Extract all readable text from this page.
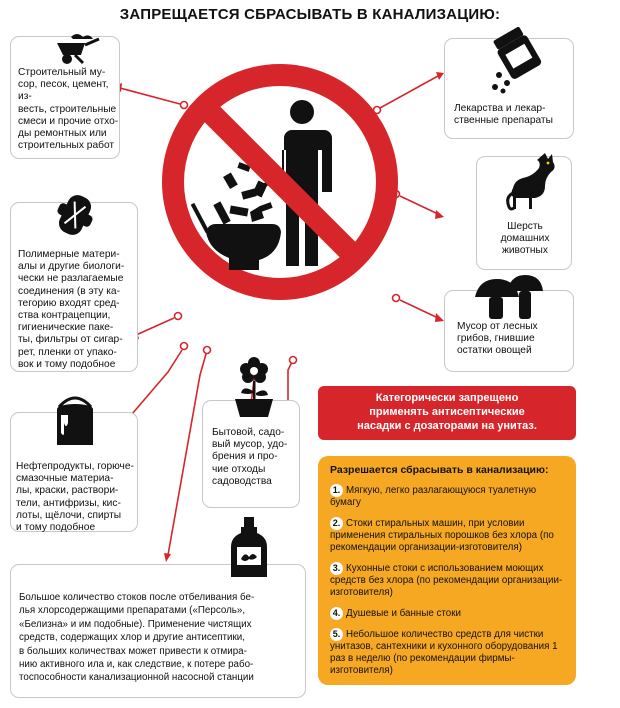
ЗАПРЕЩАЕТСЯ СБРАСЫВАТЬ В КАНАЛИЗАЦИЮ:
Строительный му-
сор, песок, цемент, из-
весть, строительные
смеси и прочие отхо-
ды ремонтных или
строительных работ
Лекарства и лекар-
ственные препараты
Полимерные матери-
алы и другие биологи-
чески не разлагаемые
соединения (в эту ка-
тегорию входят сред-
ства контрацепции,
гигиенические паке-
ты, фильтры от сигар-
рет, пленки от упако-
вок и тому подобное
Шерсть
домашних
животных
Мусор от лесных
грибов, гнившие
остатки овощей
Нефтепродукты, горюче-
смазочные материа-
лы, краски, раствори-
тели, антифризы, кис-
лоты, щёлочи, спирты
и тому подобное
Бытовой, садо-
вый мусор, удо-
брения и про-
чие отходы
садоводства
Большое количество стоков после отбеливания бе-
лья хлорсодержащими препаратами («Персоль»,
«Белизна» и им подобные). Применение чистящих
средств, содержащих хлор и другие антисептики,
в больших количествах может привести к отмира-
нию активного ила и, как следствие, к потере рабо-
тоспособности канализационной насосной станции
Категорически запрещено
применять антисептические
насадки с дозаторами на унитаз.
Разрешается сбрасывать в канализацию:
1. Мягкую, легко разлагающуюся туалетную бумагу
2. Стоки стиральных машин, при условии применения стиральных порошков без хлора (по рекомендации организации-изготовителя)
3. Кухонные стоки с использованием моющих средств без хлора (по рекомендации организации-изготовителя)
4. Душевые и банные стоки
5. Небольшое количество средств для чистки унитазов, сантехники и кухонного оборудования 1 раз в неделю (по рекомендации фирмы-изготовителя)
